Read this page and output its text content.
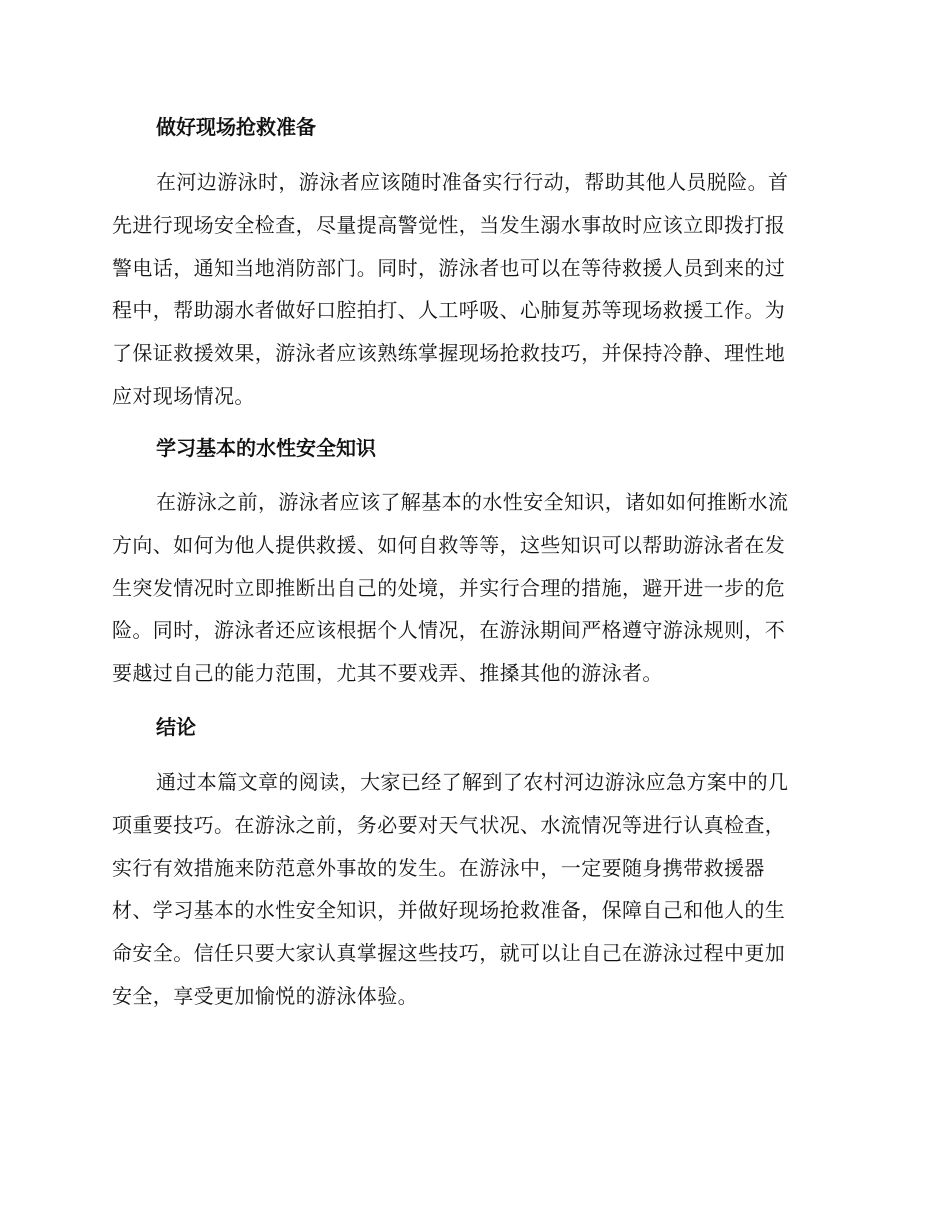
做好现场抢救准备
在河边游泳时，游泳者应该随时准备实行行动，帮助其他人员脱险。首
先进行现场安全检查，尽量提高警觉性，当发生溺水事故时应该立即拨打报
警电话，通知当地消防部门。同时，游泳者也可以在等待救援人员到来的过
程中，帮助溺水者做好口腔拍打、人工呼吸、心肺复苏等现场救援工作。为
了保证救援效果，游泳者应该熟练掌握现场抢救技巧，并保持冷静、理性地
应对现场情况。
学习基本的水性安全知识
在游泳之前，游泳者应该了解基本的水性安全知识，诸如如何推断水流
方向、如何为他人提供救援、如何自救等等，这些知识可以帮助游泳者在发
生突发情况时立即推断出自己的处境，并实行合理的措施，避开进一步的危
险。同时，游泳者还应该根据个人情况，在游泳期间严格遵守游泳规则，不
要越过自己的能力范围，尤其不要戏弄、推搡其他的游泳者。
结论
通过本篇文章的阅读，大家已经了解到了农村河边游泳应急方案中的几
项重要技巧。在游泳之前，务必要对天气状况、水流情况等进行认真检查，
实行有效措施来防范意外事故的发生。在游泳中，一定要随身携带救援器
材、学习基本的水性安全知识，并做好现场抢救准备，保障自己和他人的生
命安全。信任只要大家认真掌握这些技巧，就可以让自己在游泳过程中更加
安全，享受更加愉悦的游泳体验。
